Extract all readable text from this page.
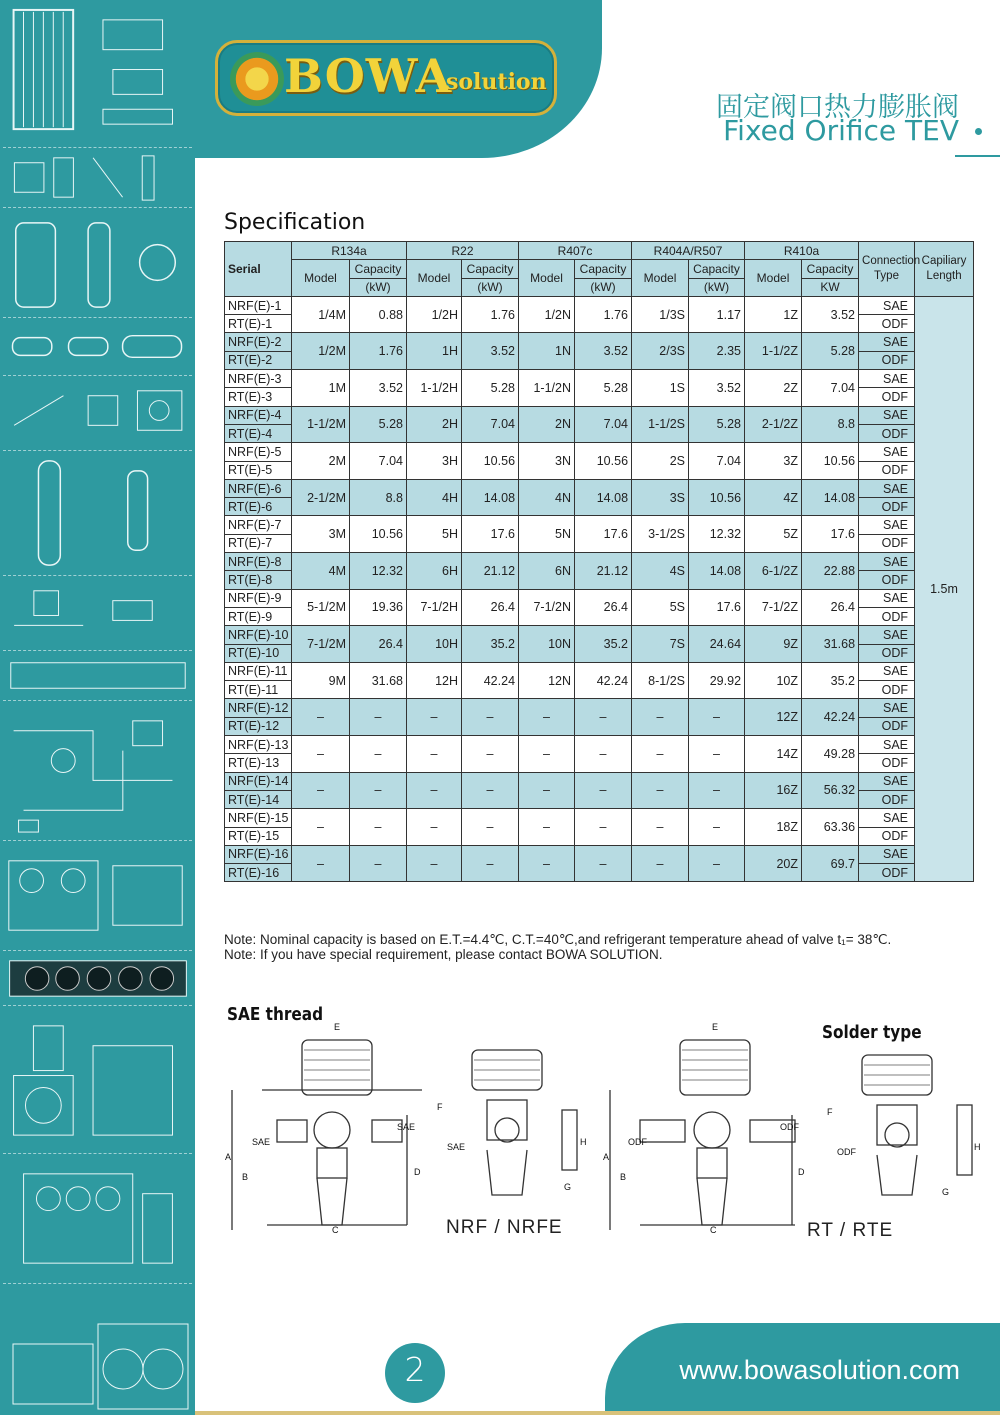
BOWA
solution
固定阀口热力膨胀阀
Fixed Orifice TEV
Specification
Serial	R134a		R22		R407c		R404A/R507		R410a		Connection Type	Capiliary Length
	Model	Capacity	Model	Capacity	Model	Capacity	Model	Capacity	Model	Capacity		
		(kW)		(kW)		(kW)		(kW)		KW		
NRF(E)-1	1/4M	0.88	1/2H	1.76	1/2N	1.76	1/3S	1.17	1Z	3.52	SAE	1.5m
RT(E)-1											ODF	
NRF(E)-2	1/2M	1.76	1H	3.52	1N	3.52	2/3S	2.35	1-1/2Z	5.28	SAE	
RT(E)-2											ODF	
NRF(E)-3	1M	3.52	1-1/2H	5.28	1-1/2N	5.28	1S	3.52	2Z	7.04	SAE	
RT(E)-3											ODF	
NRF(E)-4	1-1/2M	5.28	2H	7.04	2N	7.04	1-1/2S	5.28	2-1/2Z	8.8	SAE	
RT(E)-4											ODF	
NRF(E)-5	2M	7.04	3H	10.56	3N	10.56	2S	7.04	3Z	10.56	SAE	
RT(E)-5											ODF	
NRF(E)-6	2-1/2M	8.8	4H	14.08	4N	14.08	3S	10.56	4Z	14.08	SAE	
RT(E)-6											ODF	
NRF(E)-7	3M	10.56	5H	17.6	5N	17.6	3-1/2S	12.32	5Z	17.6	SAE	
RT(E)-7											ODF	
NRF(E)-8	4M	12.32	6H	21.12	6N	21.12	4S	14.08	6-1/2Z	22.88	SAE	
RT(E)-8											ODF	
NRF(E)-9	5-1/2M	19.36	7-1/2H	26.4	7-1/2N	26.4	5S	17.6	7-1/2Z	26.4	SAE	
RT(E)-9											ODF	
NRF(E)-10	7-1/2M	26.4	10H	35.2	10N	35.2	7S	24.64	9Z	31.68	SAE	
RT(E)-10											ODF	
NRF(E)-11	9M	31.68	12H	42.24	12N	42.24	8-1/2S	29.92	10Z	35.2	SAE	
RT(E)-11											ODF	
NRF(E)-12	–	–	–	–	–	–	–	–	12Z	42.24	SAE	
RT(E)-12											ODF	
NRF(E)-13	–	–	–	–	–	–	–	–	14Z	49.28	SAE	
RT(E)-13											ODF	
NRF(E)-14	–	–	–	–	–	–	–	–	16Z	56.32	SAE	
RT(E)-14											ODF	
NRF(E)-15	–	–	–	–	–	–	–	–	18Z	63.36	SAE	
RT(E)-15											ODF	
NRF(E)-16	–	–	–	–	–	–	–	–	20Z	69.7	SAE	
RT(E)-16											ODF	
Note: Nominal capacity is based on E.T.=4.4℃, C.T.=40℃,and refrigerant temperature ahead of valve t₁= 38℃.
Note: If you have special requirement, please contact BOWA SOLUTION.
SAE thread
Solder type
E
A
B
C
D
SAE
SAE
F
SAE	H
G
NRF / NRFE
E
A
B
C
D
ODF
ODF
F
ODF	H
G
RT / RTE
www.bowasolution.com
2
